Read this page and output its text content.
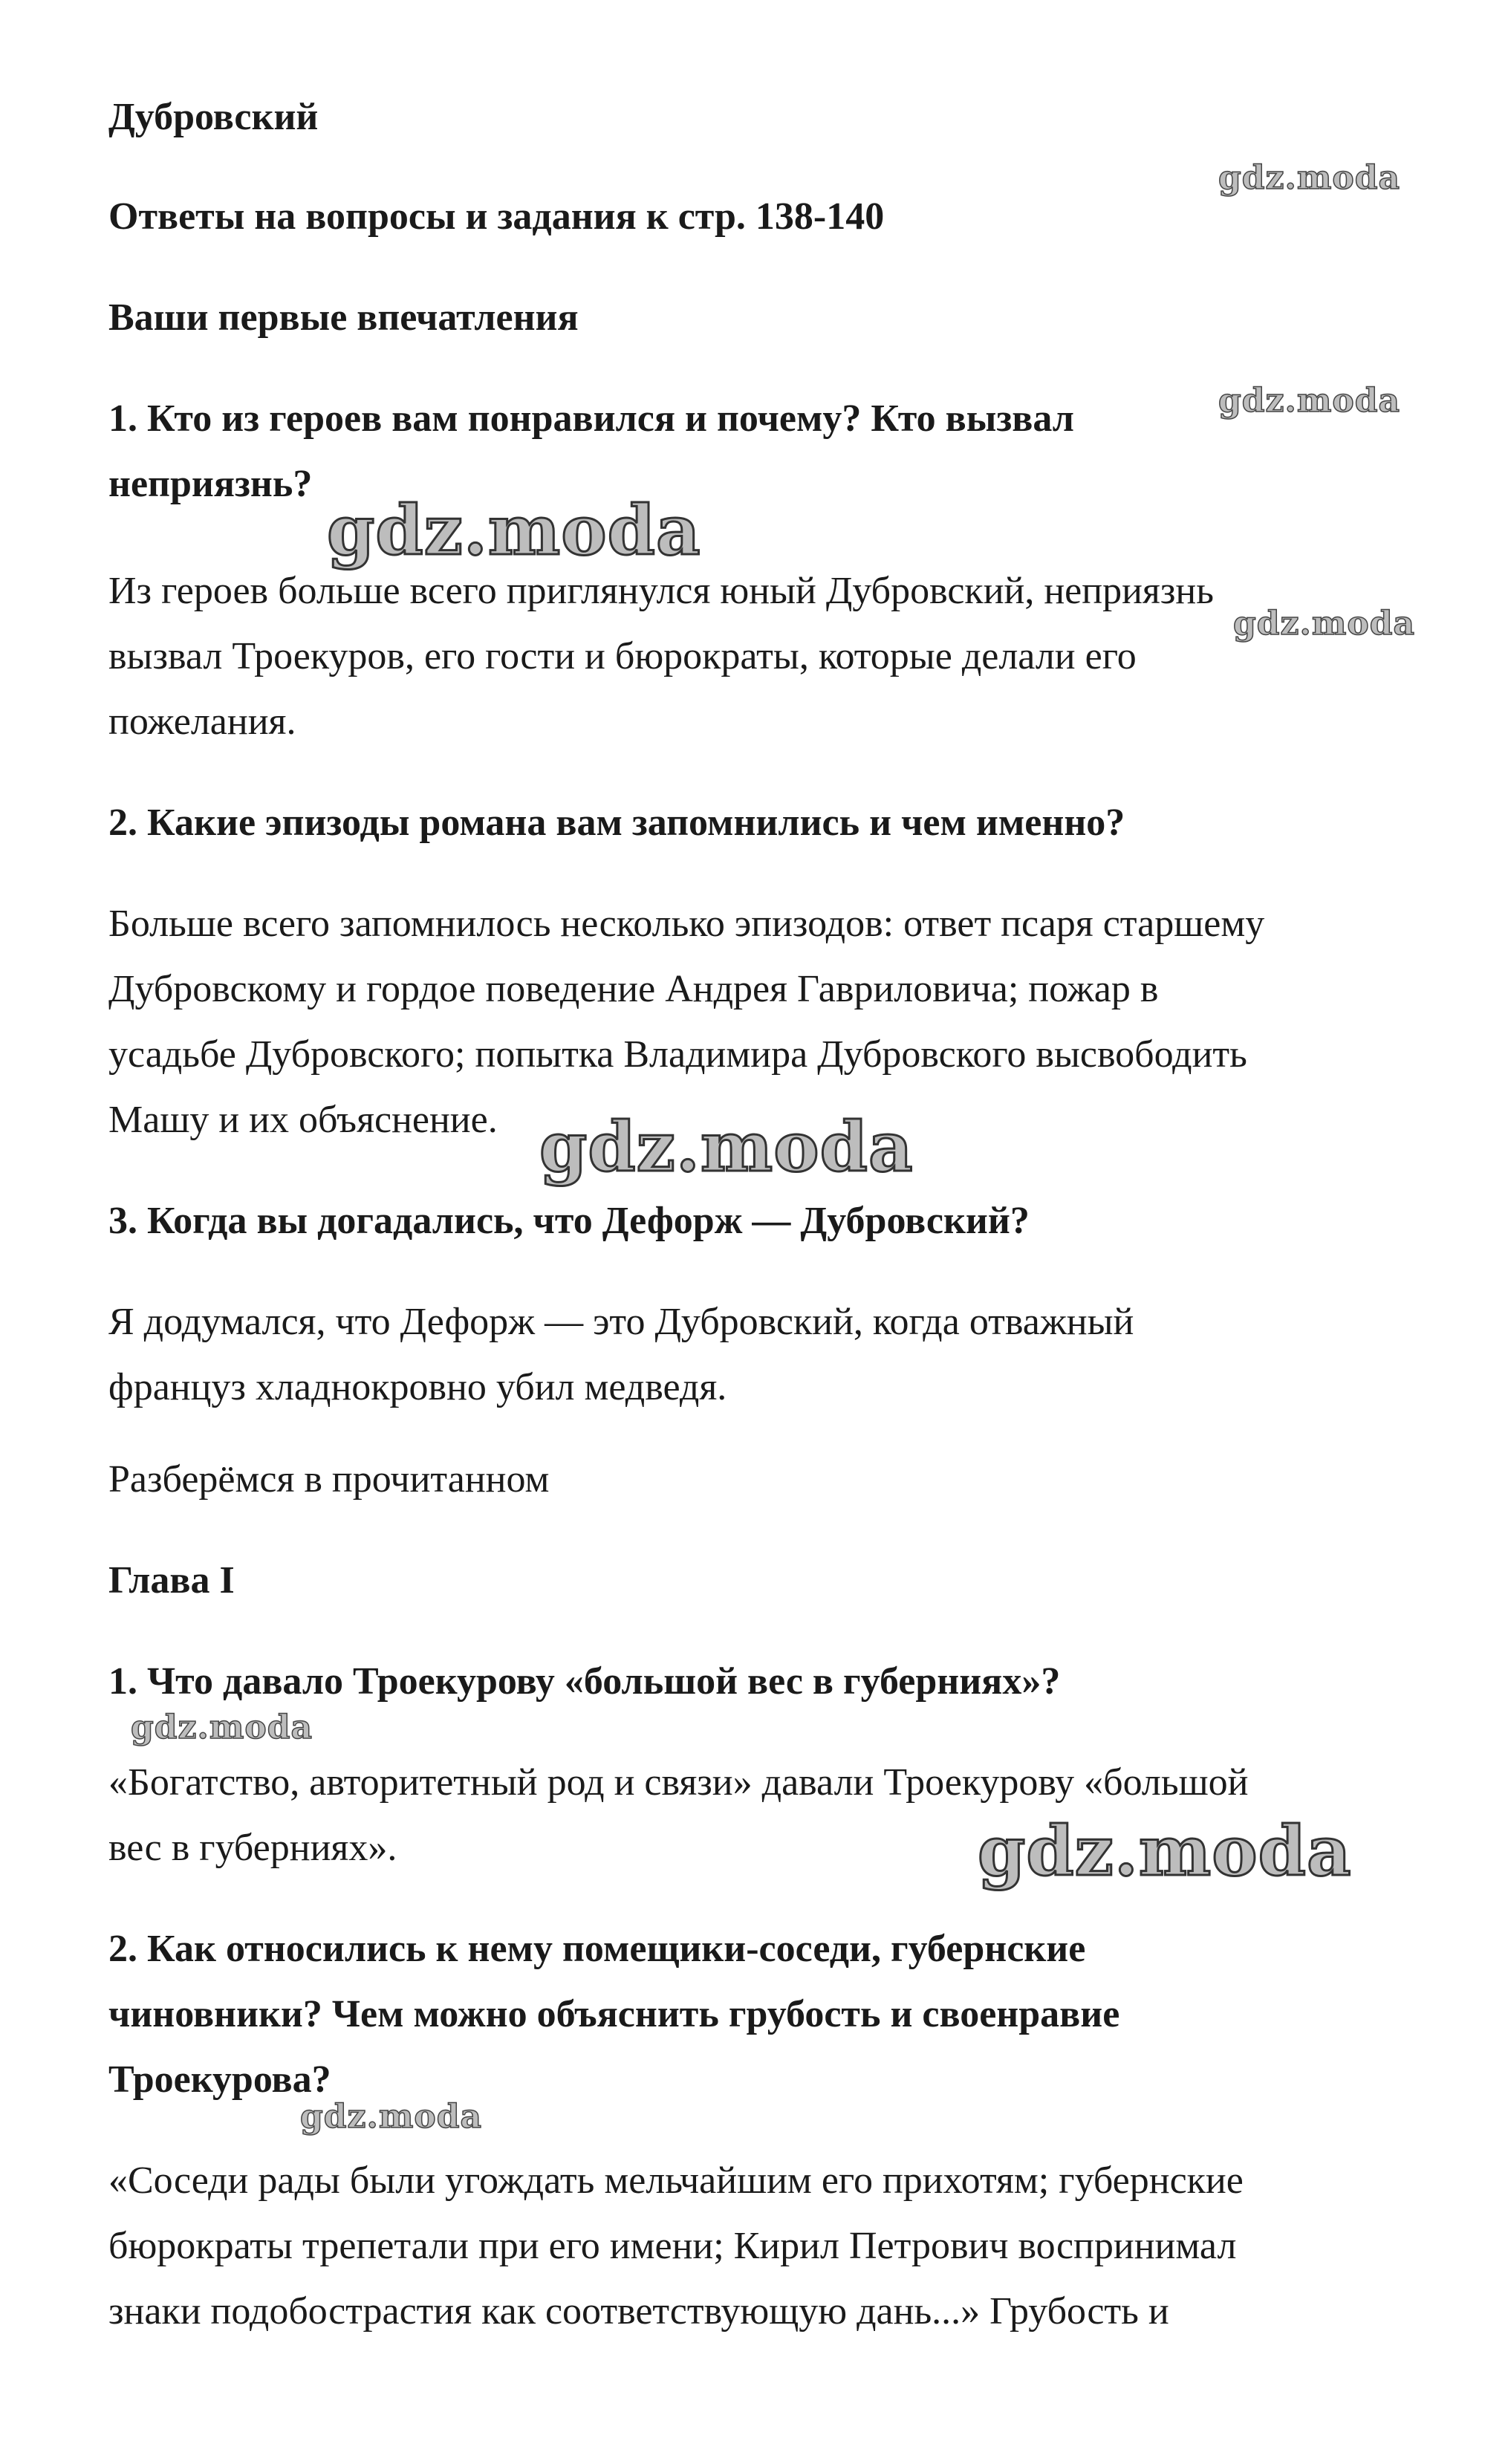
Дубровский
Ответы на вопросы и задания к стр. 138-140
Ваши первые впечатления
1. Кто из героев вам понравился и почему? Кто вызвал
неприязнь?
Из героев больше всего приглянулся юный Дубровский, неприязнь
вызвал Троекуров, его гости и бюрократы, которые делали его
пожелания.
2. Какие эпизоды романа вам запомнились и чем именно?
Больше всего запомнилось несколько эпизодов: ответ псаря старшему
Дубровскому и гордое поведение Андрея Гавриловича; пожар в
усадьбе Дубровского; попытка Владимира Дубровского высвободить
Машу и их объяснение.
3. Когда вы догадались, что Дефорж — Дубровский?
Я додумался, что Дефорж — это Дубровский, когда отважный
француз хладнокровно убил медведя.
Разберёмся в прочитанном
Глава I
1. Что давало Троекурову «большой вес в губерниях»?
«Богатство, авторитетный род и связи» давали Троекурову «большой
вес в губерниях».
2. Как относились к нему помещики-соседи, губернские
чиновники? Чем можно объяснить грубость и своенравие
Троекурова?
«Соседи рады были угождать мельчайшим его прихотям; губернские
бюрократы трепетали при его имени; Кирил Петрович воспринимал
знаки подобострастия как соответствующую дань...» Грубость и
gdz.moda
gdz.moda
gdz.moda
gdz.moda
gdz.moda
gdz.moda
gdz.moda
gdz.moda
